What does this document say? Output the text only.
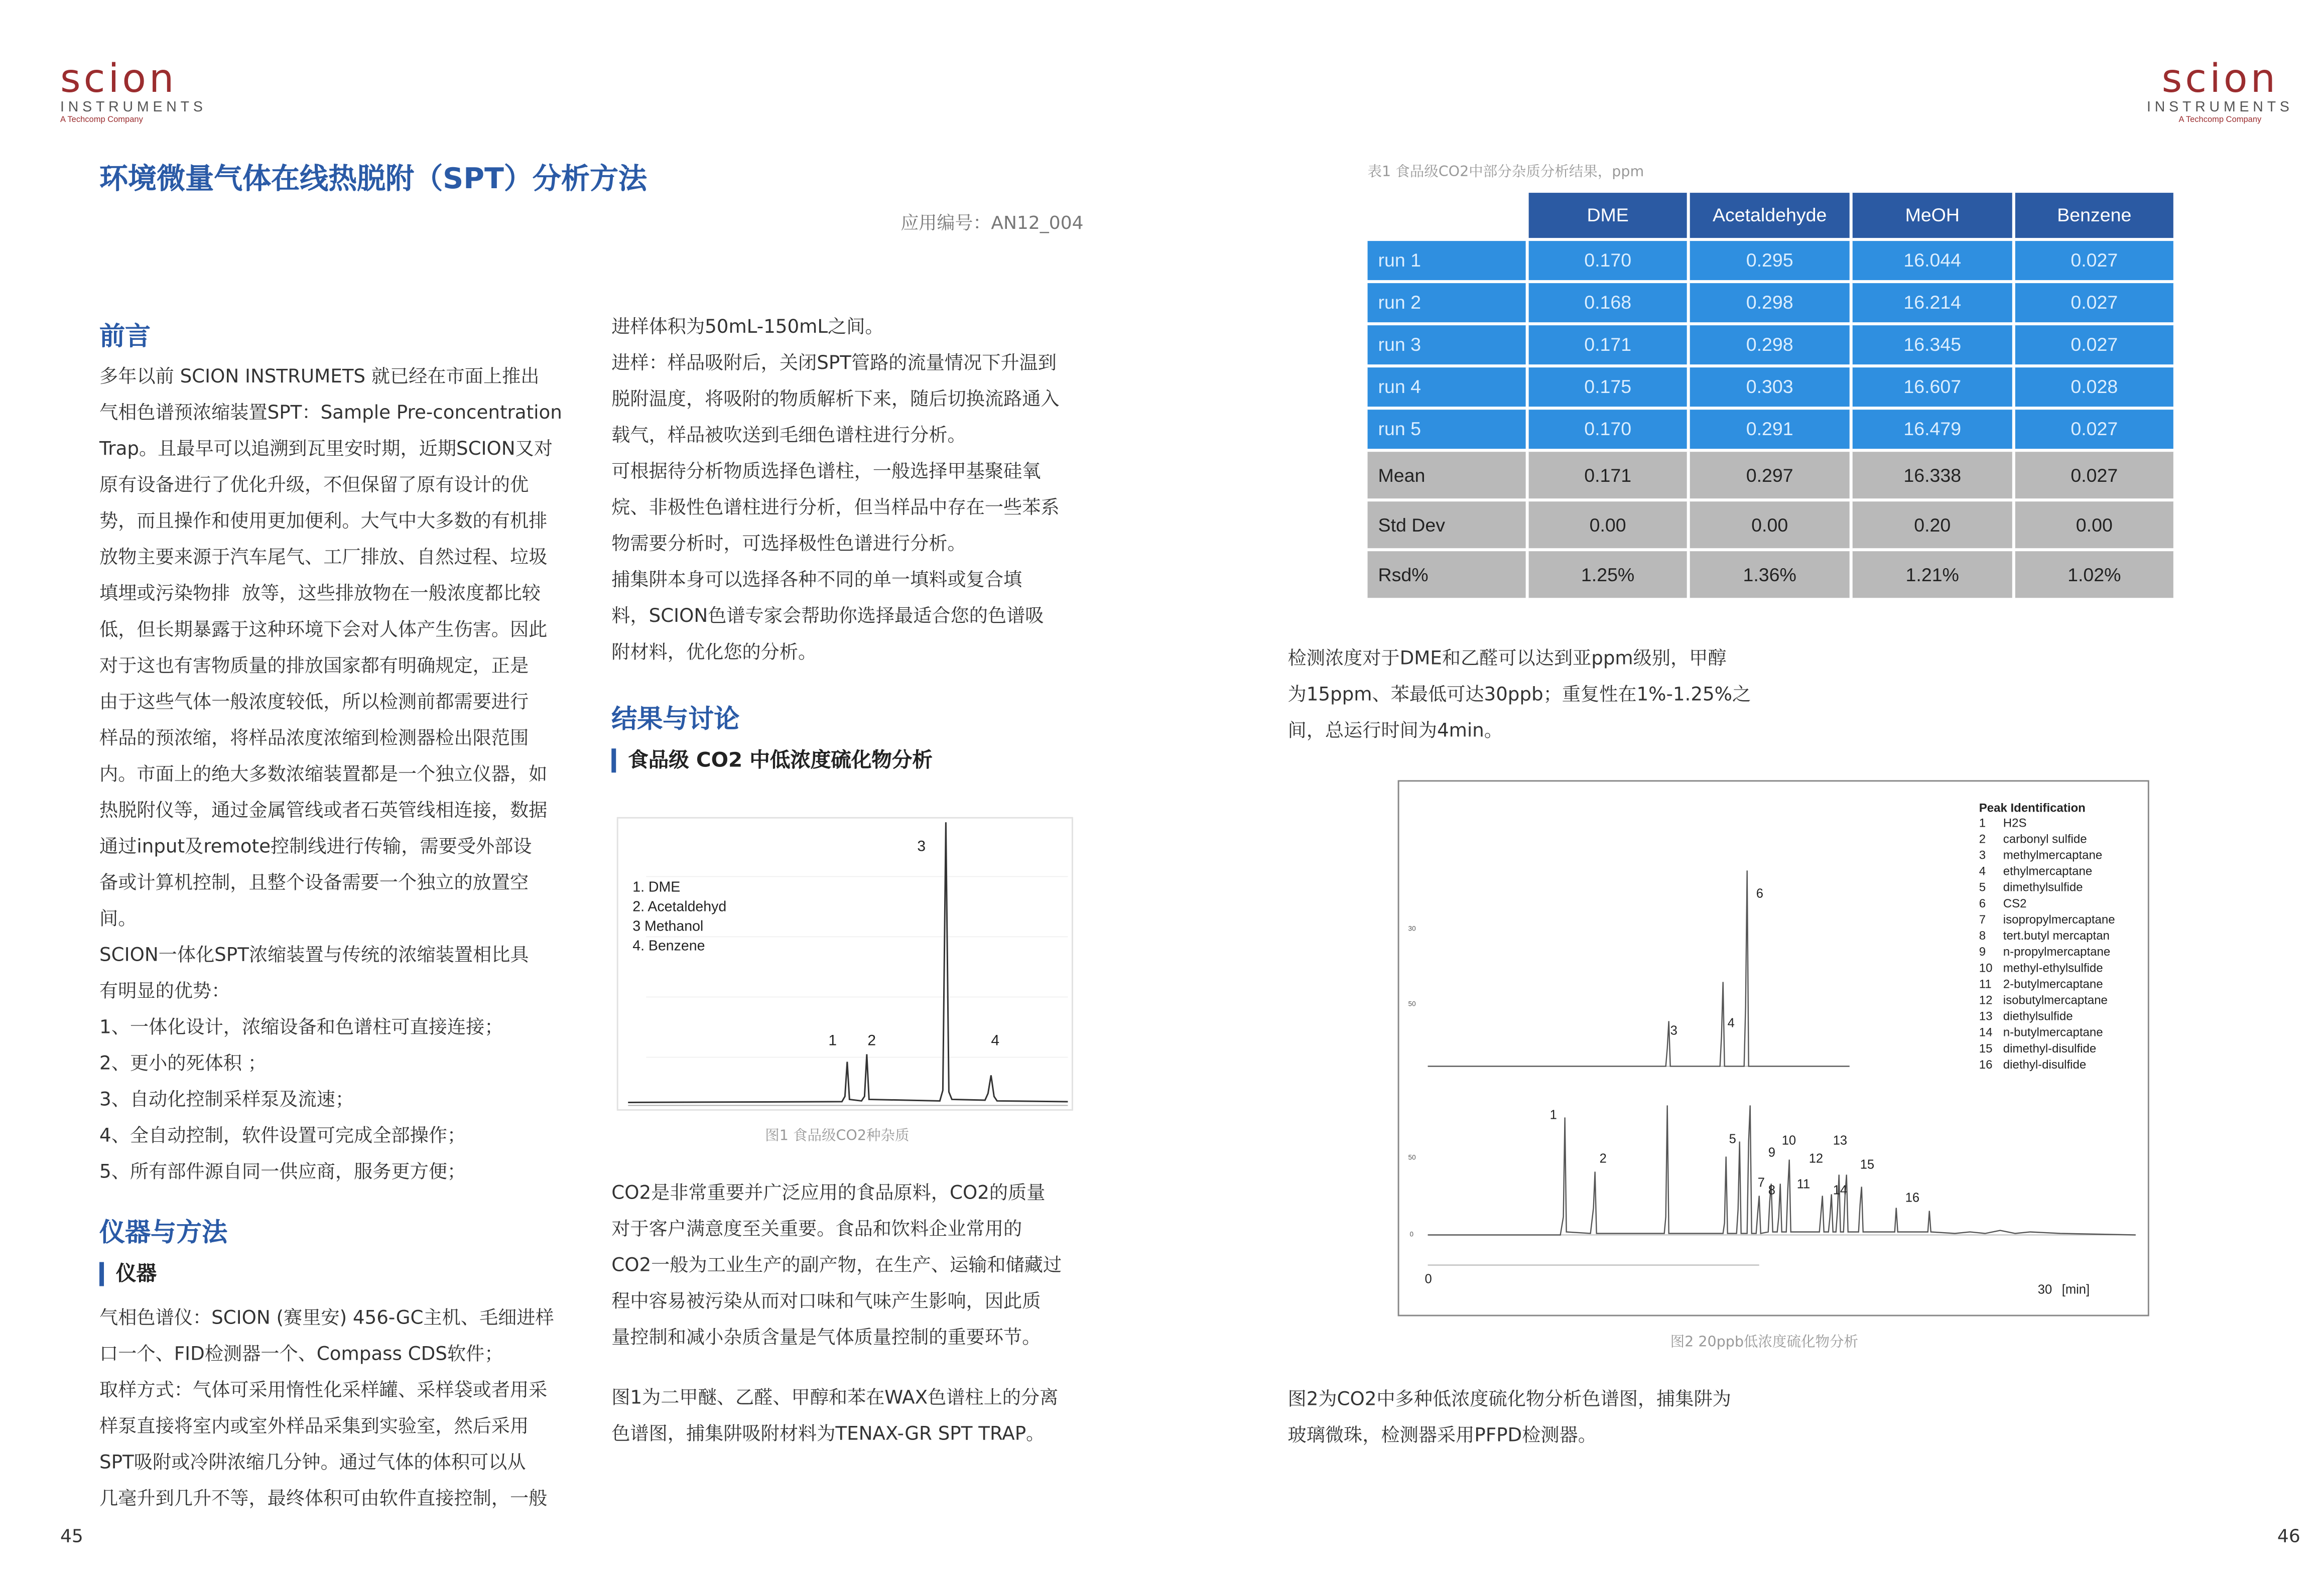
scion
INSTRUMENTS
A Techcomp Company
环境微量气体在线热脱附（SPT）分析方法
应用编号：AN12_004
前言
多年以前 SCION INSTRUMETS 就已经在市面上推出
气相色谱预浓缩装置SPT：Sample Pre-concentration
Trap。且最早可以追溯到瓦里安时期，近期SCION又对
原有设备进行了优化升级，不但保留了原有设计的优
势，而且操作和使用更加便利。大气中大多数的有机排
放物主要来源于汽车尾气、工厂排放、自然过程、垃圾
填埋或污染物排  放等，这些排放物在一般浓度都比较
低，但长期暴露于这种环境下会对人体产生伤害。因此
对于这也有害物质量的排放国家都有明确规定，正是
由于这些气体一般浓度较低，所以检测前都需要进行
样品的预浓缩，将样品浓度浓缩到检测器检出限范围
内。市面上的绝大多数浓缩装置都是一个独立仪器，如
热脱附仪等，通过金属管线或者石英管线相连接，数据
通过input及remote控制线进行传输，需要受外部设
备或计算机控制，且整个设备需要一个独立的放置空
间。
SCION一体化SPT浓缩装置与传统的浓缩装置相比具
有明显的优势：
1、一体化设计，浓缩设备和色谱柱可直接连接；
2、更小的死体积 ；
3、自动化控制采样泵及流速；
4、全自动控制，软件设置可完成全部操作；
5、所有部件源自同一供应商，服务更方便；
仪器与方法
仪器
气相色谱仪：SCION (赛里安) 456-GC主机、毛细进样
口一个、FID检测器一个、Compass CDS软件；
取样方式：气体可采用惰性化采样罐、采样袋或者用采
样泵直接将室内或室外样品采集到实验室，然后采用
SPT吸附或冷阱浓缩几分钟。通过气体的体积可以从
几毫升到几升不等，最终体积可由软件直接控制，一般
进样体积为50mL-150mL之间。
进样：样品吸附后，关闭SPT管路的流量情况下升温到
脱附温度，将吸附的物质解析下来，随后切换流路通入
载气，样品被吹送到毛细色谱柱进行分析。
可根据待分析物质选择色谱柱，一般选择甲基聚硅氧
烷、非极性色谱柱进行分析，但当样品中存在一些苯系
物需要分析时，可选择极性色谱进行分析。
捕集阱本身可以选择各种不同的单一填料或复合填
料，SCION色谱专家会帮助你选择最适合您的色谱吸
附材料，优化您的分析。
结果与讨论
食品级 CO2 中低浓度硫化物分析
1. DME
2. Acetaldehyd
3 Methanol
4. Benzene
1	2
3
4
图1 食品级CO2种杂质
CO2是非常重要并广泛应用的食品原料，CO2的质量
对于客户满意度至关重要。食品和饮料企业常用的
CO2一般为工业生产的副产物，在生产、运输和储藏过
程中容易被污染从而对口味和气味产生影响，因此质
量控制和减小杂质含量是气体质量控制的重要环节。
图1为二甲醚、乙醛、甲醇和苯在WAX色谱柱上的分离
色谱图，捕集阱吸附材料为TENAX-GR SPT TRAP。
45
scion
INSTRUMENTS
A Techcomp Company
表1 食品级CO2中部分杂质分析结果，ppm
	DME	Acetaldehyde	MeOH	Benzene
run 1	0.170	0.295	16.044	0.027
run 2	0.168	0.298	16.214	0.027
run 3	0.171	0.298	16.345	0.027
run 4	0.175	0.303	16.607	0.028
run 5	0.170	0.291	16.479	0.027
Mean	0.171	0.297	16.338	0.027
Std Dev	0.00	0.00	0.20	0.00
Rsd%	1.25%	1.36%	1.21%	1.02%
检测浓度对于DME和乙醛可以达到亚ppm级别，甲醇
为15ppm、苯最低可达30ppb；重复性在1%-1.25%之
间，总运行时间为4min。
30
50
50
0
0
30 [min]
1
2
3
4
5
6
7
8
9
10
11
12
13
14
15
16
Peak Identification
1	H2S
2	carbonyl sulfide
3	methylmercaptane
4	ethylmercaptane
5	dimethylsulfide
6	CS2
7	isopropylmercaptane
8	tert.butyl mercaptan
9	n-propylmercaptane
10	methyl-ethylsulfide
11	2-butylmercaptane
12	isobutylmercaptane
13	diethylsulfide
14	n-butylmercaptane
15	dimethyl-disulfide
16	diethyl-disulfide
图2 20ppb低浓度硫化物分析
图2为CO2中多种低浓度硫化物分析色谱图，捕集阱为
玻璃微珠，检测器采用PFPD检测器。
46
